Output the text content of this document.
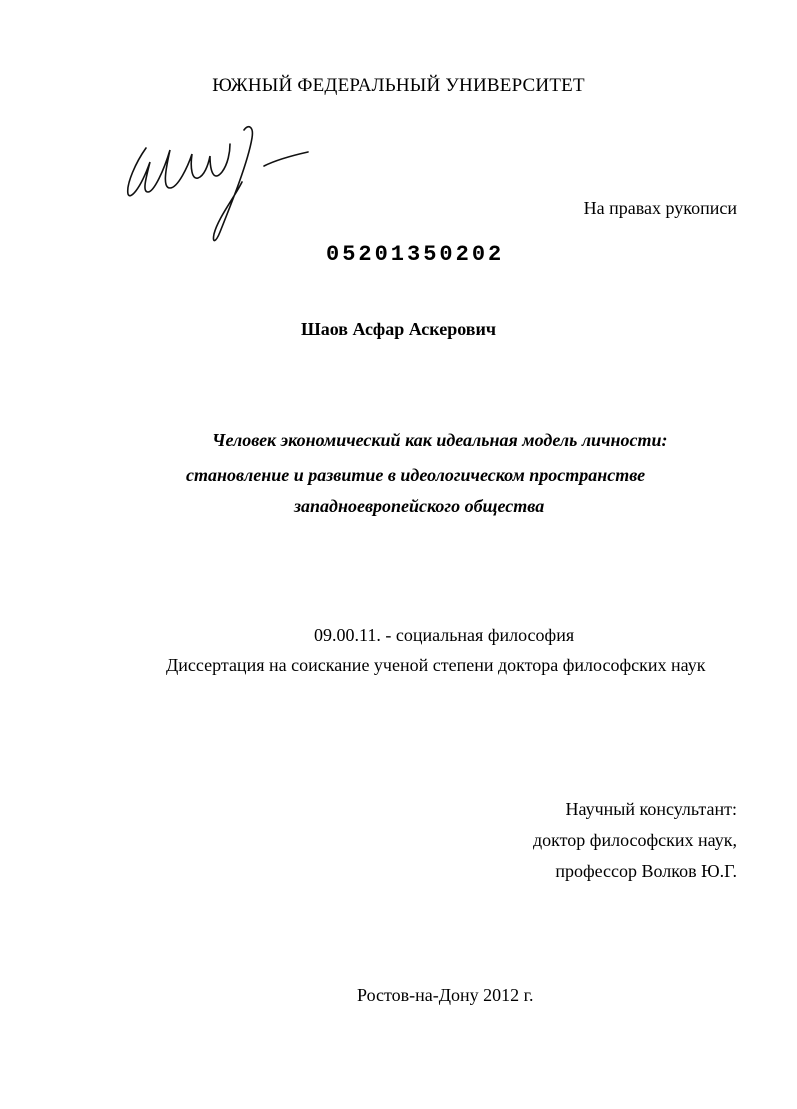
ЮЖНЫЙ ФЕДЕРАЛЬНЫЙ УНИВЕРСИТЕТ
На правах рукописи
05201350202
Шаов Асфар Аскерович
Человек экономический как идеальная модель личности:
становление и развитие в идеологическом пространстве
западноевропейского общества
09.00.11. - социальная философия
Диссертация на соискание ученой степени доктора философских наук
Научный консультант:
доктор философских наук,
профессор Волков Ю.Г.
Ростов-на-Дону 2012 г.
